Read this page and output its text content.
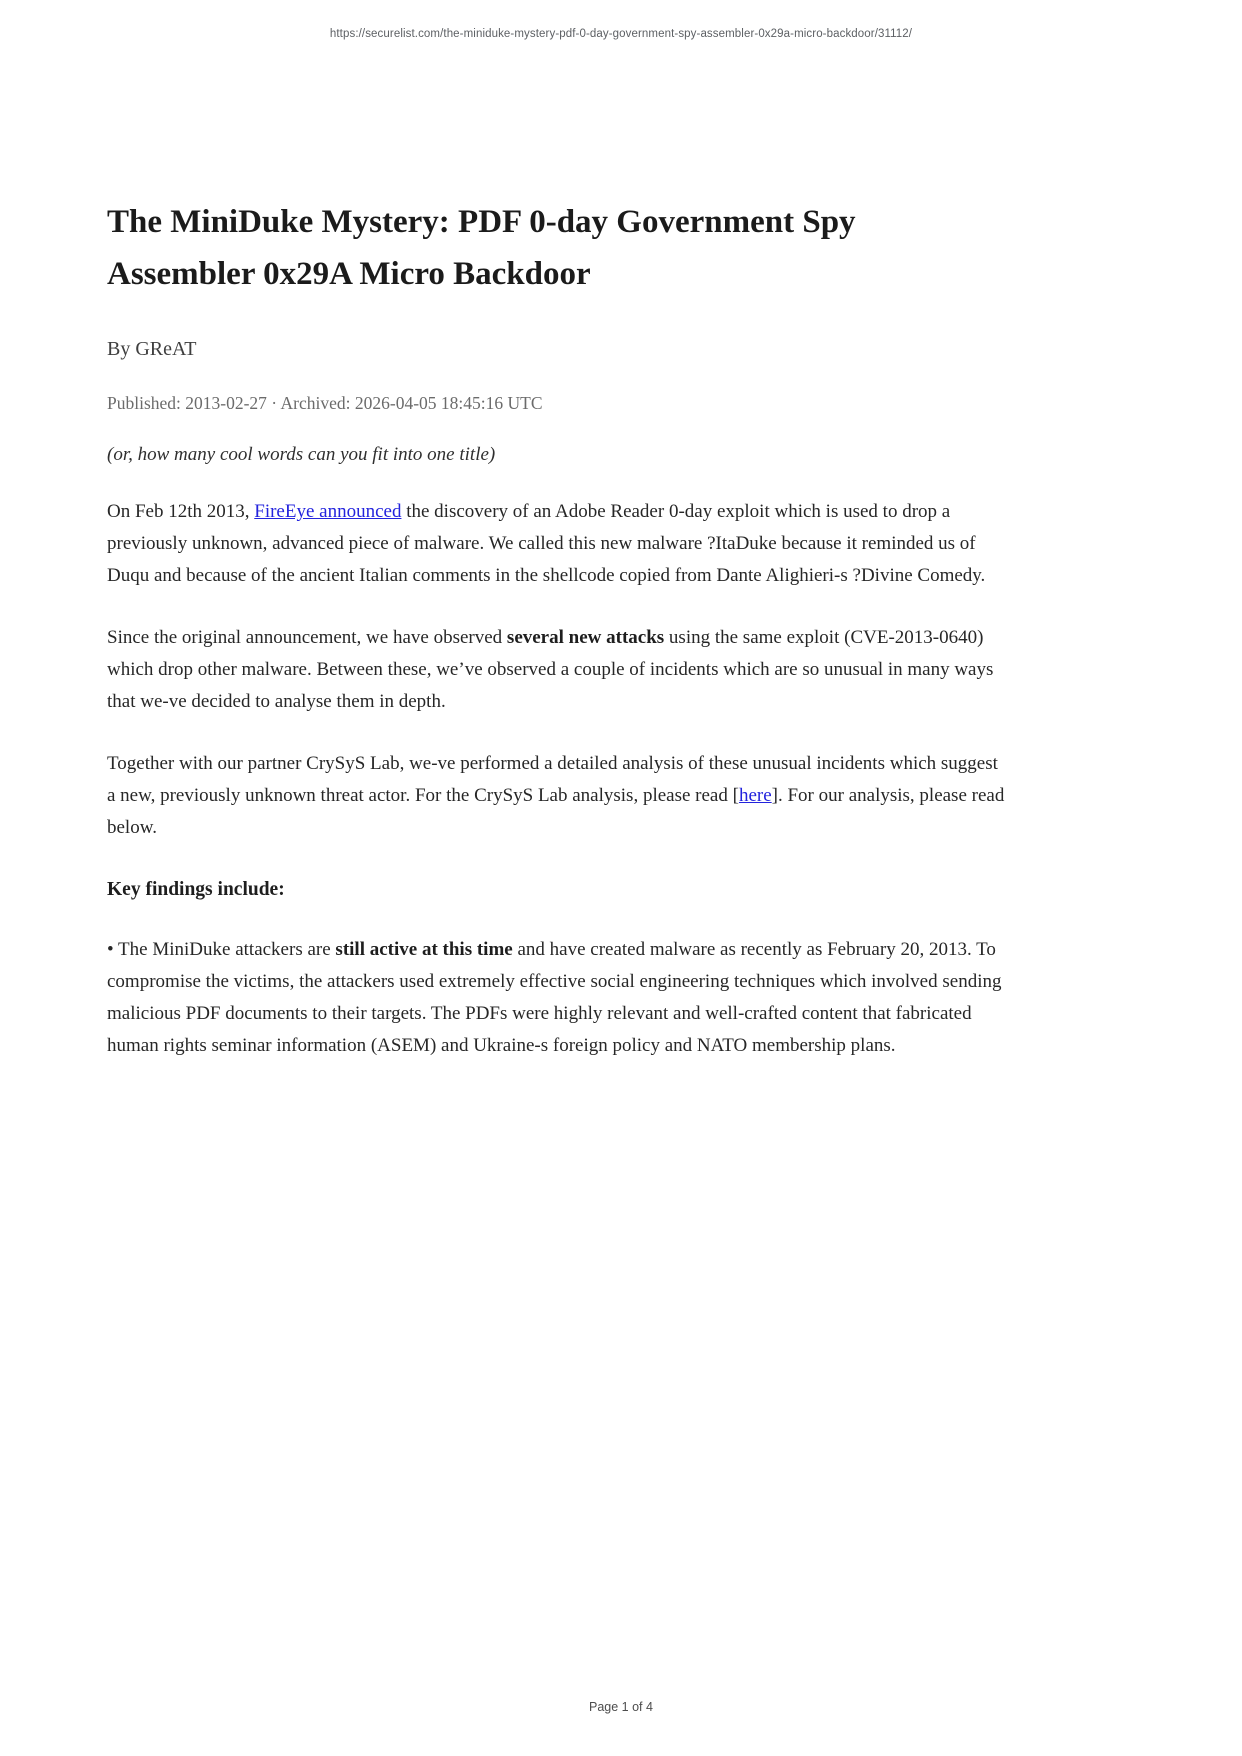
https://securelist.com/the-miniduke-mystery-pdf-0-day-government-spy-assembler-0x29a-micro-backdoor/31112/
The MiniDuke Mystery: PDF 0-day Government Spy Assembler 0x29A Micro Backdoor

By GReAT

Published: 2013-02-27 · Archived: 2026-04-05 18:45:16 UTC

(or, how many cool words can you fit into one title)

On Feb 12th 2013, FireEye announced the discovery of an Adobe Reader 0-day exploit which is used to drop a previously unknown, advanced piece of malware. We called this new malware ?ItaDuke because it reminded us of Duqu and because of the ancient Italian comments in the shellcode copied from Dante Alighieri-s ?Divine Comedy.

Since the original announcement, we have observed several new attacks using the same exploit (CVE-2013-0640) which drop other malware. Between these, we’ve observed a couple of incidents which are so unusual in many ways that we-ve decided to analyse them in depth.

Together with our partner CrySyS Lab, we-ve performed a detailed analysis of these unusual incidents which suggest a new, previously unknown threat actor. For the CrySyS Lab analysis, please read [here]. For our analysis, please read below.

Key findings include:

• The MiniDuke attackers are still active at this time and have created malware as recently as February 20, 2013. To compromise the victims, the attackers used extremely effective social engineering techniques which involved sending malicious PDF documents to their targets. The PDFs were highly relevant and well-crafted content that fabricated human rights seminar information (ASEM) and Ukraine-s foreign policy and NATO membership plans.

Page 1 of 4
